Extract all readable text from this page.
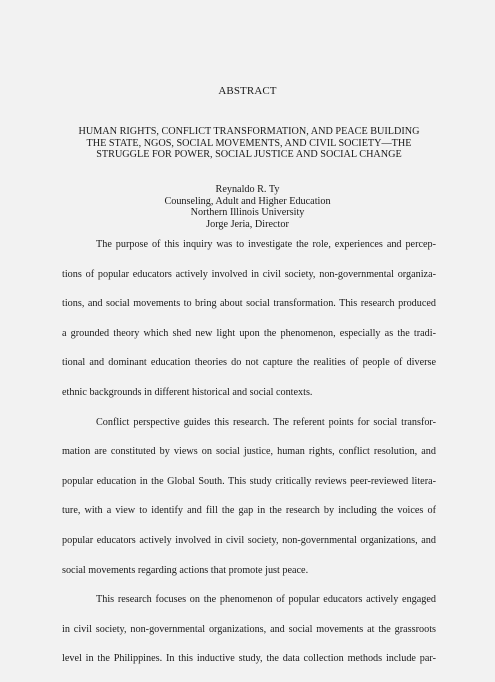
ABSTRACT
HUMAN RIGHTS, CONFLICT TRANSFORMATION, AND PEACE BUILDING
THE STATE, NGOS, SOCIAL MOVEMENTS, AND CIVIL SOCIETY—THE
STRUGGLE FOR POWER, SOCIAL JUSTICE AND SOCIAL CHANGE
Reynaldo R. Ty
Counseling, Adult and Higher Education
Northern Illinois University
Jorge Jeria, Director
The purpose of this inquiry was to investigate the role, experiences and percep-
tions of popular educators actively involved in civil society, non-governmental organiza-
tions, and social movements to bring about social transformation. This research produced
a grounded theory which shed new light upon the phenomenon, especially as the tradi-
tional and dominant education theories do not capture the realities of people of diverse
ethnic backgrounds in different historical and social contexts.
Conflict perspective guides this research. The referent points for social transfor-
mation are constituted by views on social justice, human rights, conflict resolution, and
popular education in the Global South. This study critically reviews peer-reviewed litera-
ture, with a view to identify and fill the gap in the research by including the voices of
popular educators actively involved in civil society, non-governmental organizations, and
social movements regarding actions that promote just peace.
This research focuses on the phenomenon of popular educators actively engaged
in civil society, non-governmental organizations, and social movements at the grassroots
level in the Philippines. In this inductive study, the data collection methods include par-
